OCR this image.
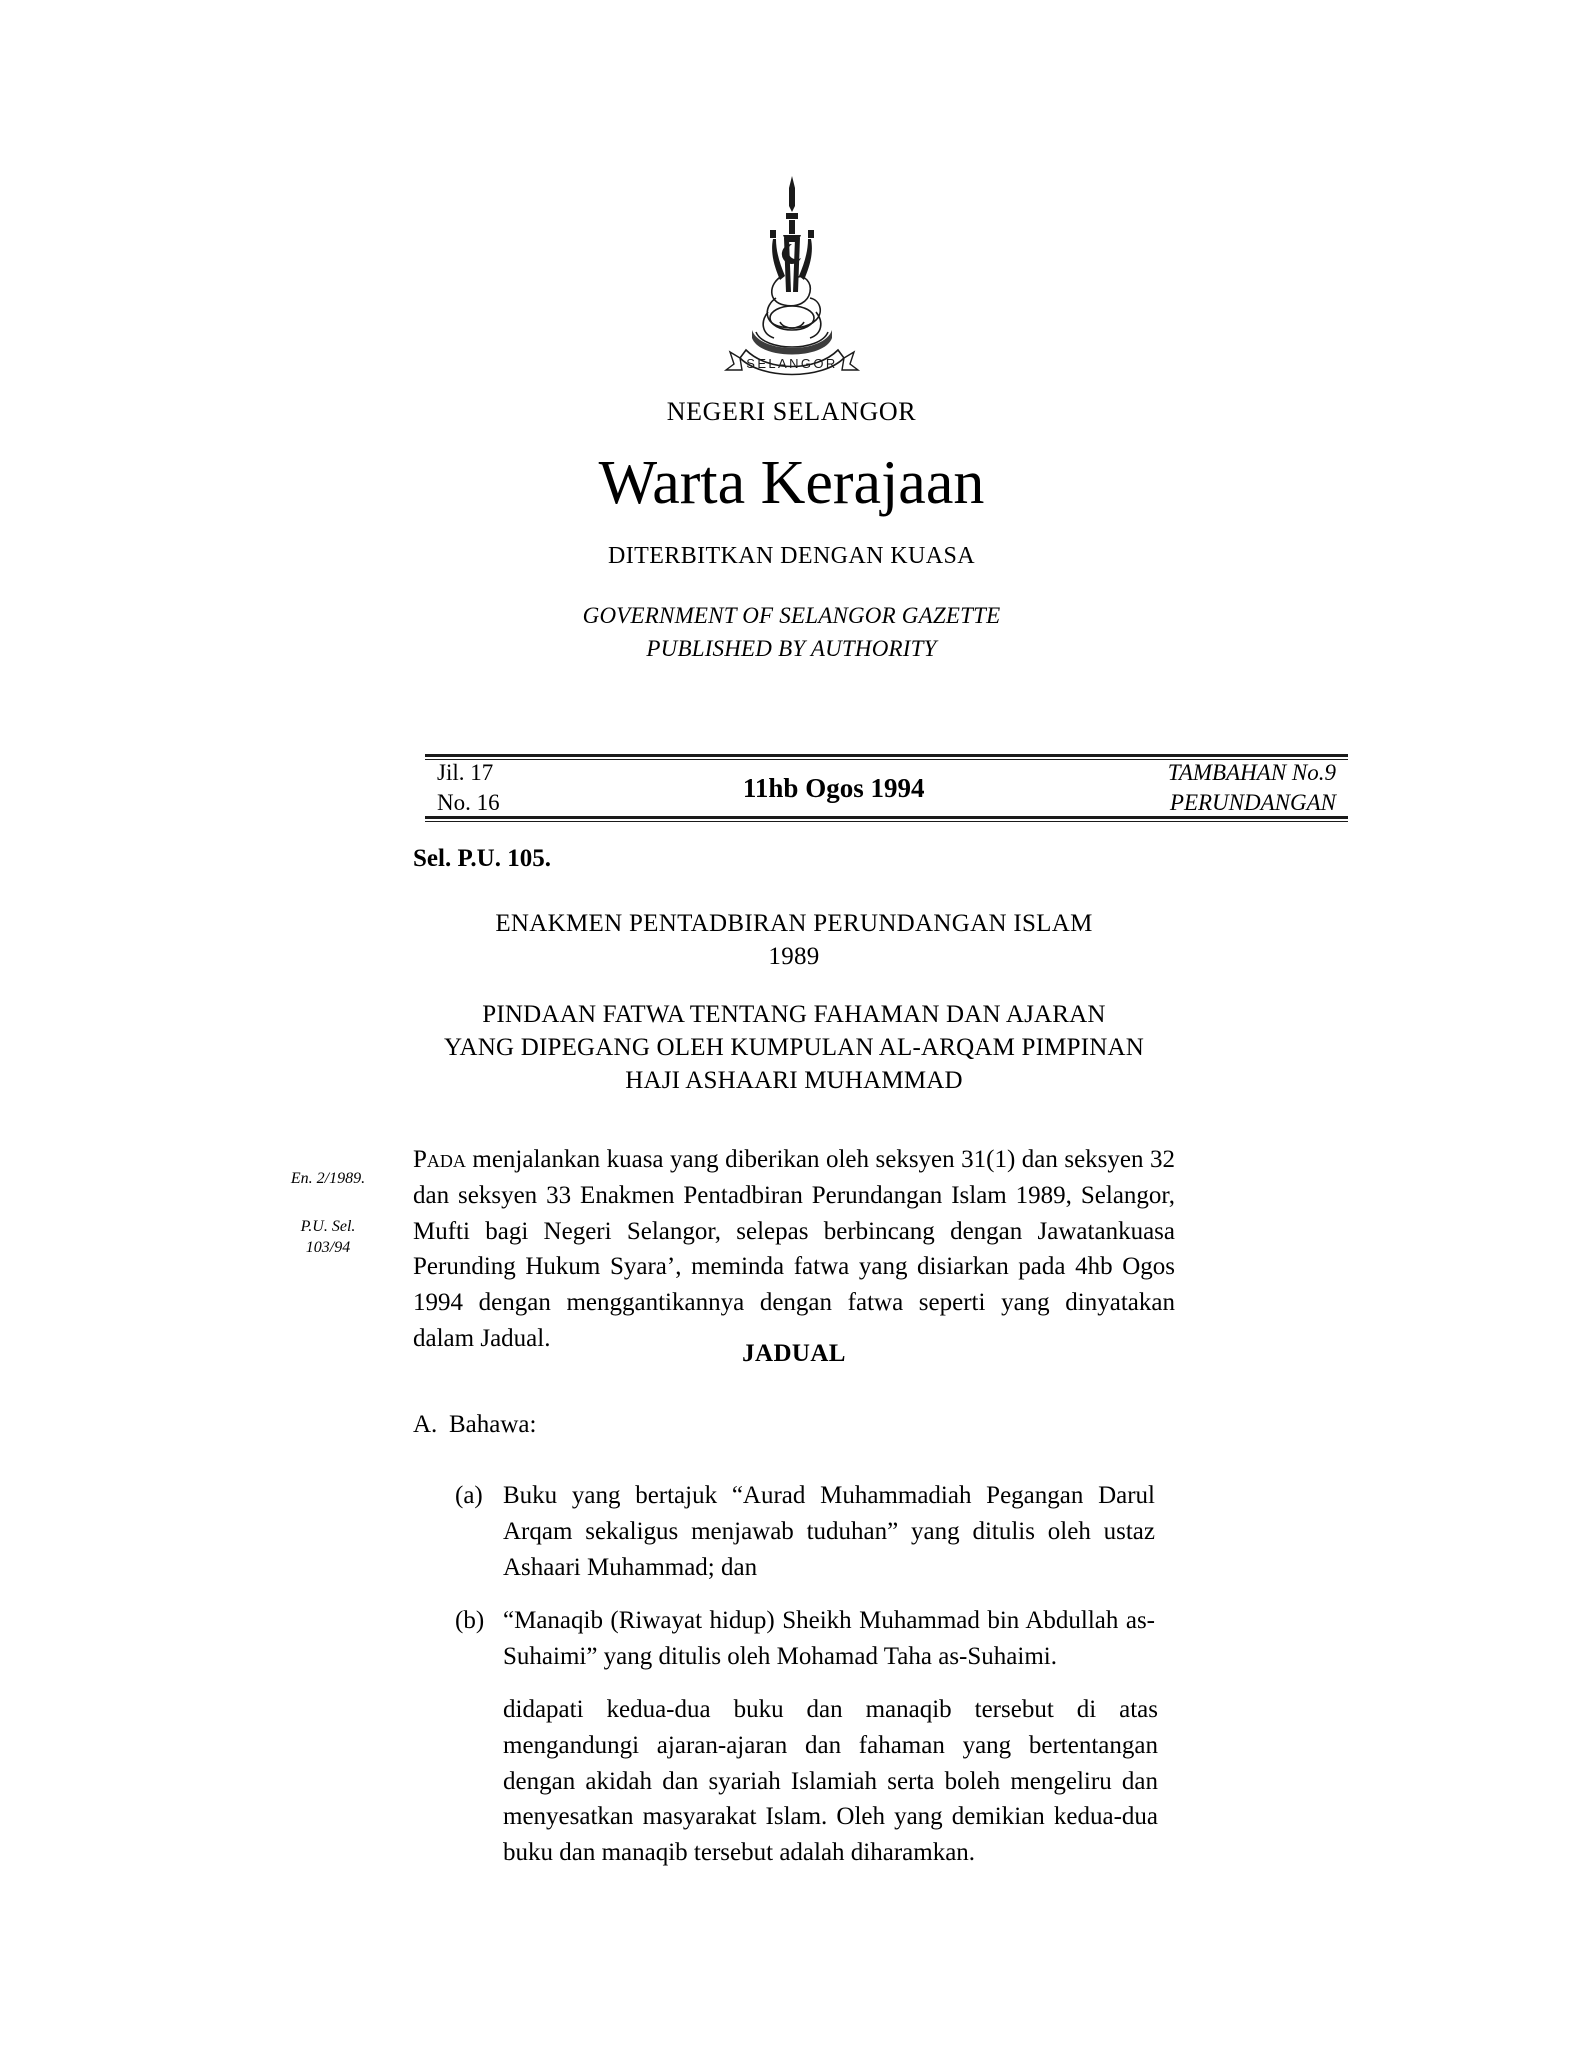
SELANGOR
NEGERI SELANGOR
Warta Kerajaan
DITERBITKAN DENGAN KUASA
GOVERNMENT OF SELANGOR GAZETTE
PUBLISHED BY AUTHORITY
Jil. 17
No. 16	11hb Ogos 1994
TAMBAHAN No.9
PERUNDANGAN
Sel. P.U. 105.
ENAKMEN PENTADBIRAN PERUNDANGAN ISLAM
1989
PINDAAN FATWA TENTANG FAHAMAN DAN AJARAN
YANG DIPEGANG OLEH KUMPULAN AL-ARQAM PIMPINAN
HAJI ASHAARI MUHAMMAD
En. 2/1989.
P.U. Sel.
103/94
Pada menjalankan kuasa yang diberikan oleh seksyen 31(1) dan seksyen 32 dan seksyen 33 Enakmen Pentadbiran Perundangan Islam 1989, Selangor, Mufti bagi Negeri Selangor, selepas berbincang dengan Jawatankuasa Perunding Hukum Syara’, meminda fatwa yang disiarkan pada 4hb Ogos 1994 dengan menggantikannya dengan fatwa seperti yang dinyatakan dalam Jadual.
JADUAL
A. Bahawa:
(a) Buku yang bertajuk “Aurad Muhammadiah Pegangan Darul Arqam sekaligus menjawab tuduhan” yang ditulis oleh ustaz Ashaari Muhammad; dan
(b) “Manaqib (Riwayat hidup) Sheikh Muhammad bin Abdullah as-Suhaimi” yang ditulis oleh Mohamad Taha as-Suhaimi.
didapati kedua-dua buku dan manaqib tersebut di atas mengandungi ajaran-ajaran dan fahaman yang bertentangan dengan akidah dan syariah Islamiah serta boleh mengeliru dan menyesatkan masyarakat Islam. Oleh yang demikian kedua-dua buku dan manaqib tersebut adalah diharamkan.
